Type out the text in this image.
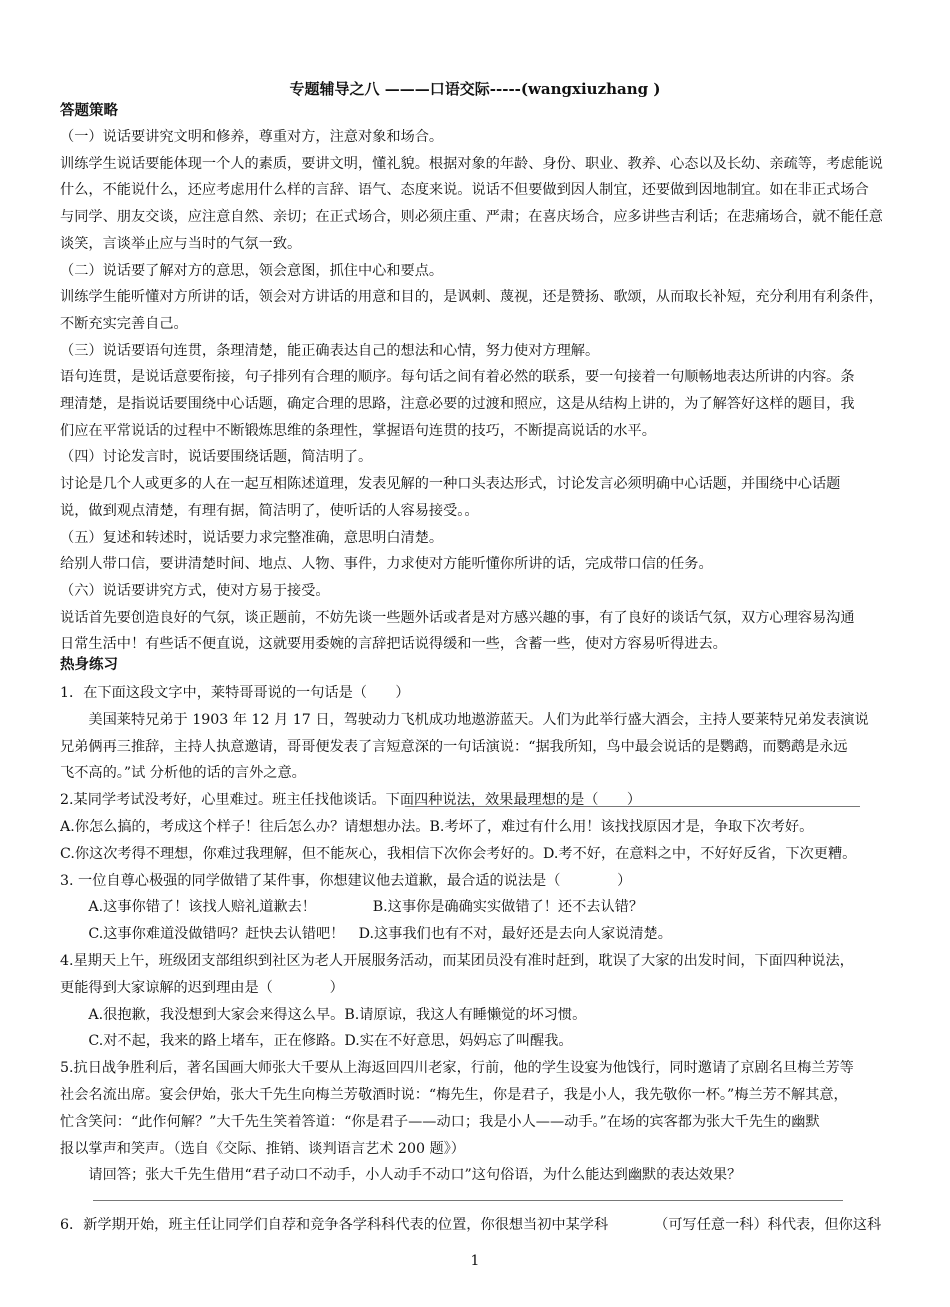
专题辅导之八 ———口语交际-----(wangxiuzhang )
答题策略
（一）说话要讲究文明和修养，尊重对方，注意对象和场合。
训练学生说话要能体现一个人的素质，要讲文明，懂礼貌。根据对象的年龄、身份、职业、教养、心态以及长幼、亲疏等，考虑能说
什么，不能说什么，还应考虑用什么样的言辞、语气、态度来说。说话不但要做到因人制宜，还要做到因地制宜。如在非正式场合
与同学、朋友交谈，应注意自然、亲切；在正式场合，则必须庄重、严肃；在喜庆场合，应多讲些吉利话；在悲痛场合，就不能任意
谈笑，言谈举止应与当时的气氛一致。
（二）说话要了解对方的意思，领会意图，抓住中心和要点。
训练学生能听懂对方所讲的话，领会对方讲话的用意和目的，是讽刺、蔑视，还是赞扬、歌颂，从而取长补短，充分利用有利条件，
不断充实完善自己。
（三）说话要语句连贯，条理清楚，能正确表达自己的想法和心情，努力使对方理解。
语句连贯，是说话意要衔接，句子排列有合理的顺序。每句话之间有着必然的联系，要一句接着一句顺畅地表达所讲的内容。条
理清楚，是指说话要围绕中心话题，确定合理的思路，注意必要的过渡和照应，这是从结构上讲的，为了解答好这样的题目，我
们应在平常说话的过程中不断锻炼思维的条理性，掌握语句连贯的技巧，不断提高说话的水平。
（四）讨论发言时，说话要围绕话题，简洁明了。
讨论是几个人或更多的人在一起互相陈述道理，发表见解的一种口头表达形式，讨论发言必须明确中心话题，并围绕中心话题
说，做到观点清楚，有理有据，简洁明了，使听话的人容易接受。。
（五）复述和转述时，说话要力求完整准确，意思明白清楚。
给别人带口信，要讲清楚时间、地点、人物、事件，力求使对方能听懂你所讲的话，完成带口信的任务。
（六）说话要讲究方式，使对方易于接受。
说话首先要创造良好的气氛，谈正题前，不妨先谈一些题外话或者是对方感兴趣的事，有了良好的谈话气氛，双方心理容易沟通
日常生活中！有些话不便直说，这就要用委婉的言辞把话说得缓和一些，含蓄一些，使对方容易听得进去。
热身练习
1．在下面这段文字中，莱特哥哥说的一句话是（　　）
　　美国莱特兄弟于 1903 年 12 月 17 日，驾驶动力飞机成功地遨游蓝天。人们为此举行盛大酒会，主持人要莱特兄弟发表演说
兄弟俩再三推辞，主持人执意邀请，哥哥便发表了言短意深的一句话演说：“据我所知，鸟中最会说话的是鹦鹉，而鹦鹉是永远
飞不高的。”试 分析他的话的言外之意。
2.某同学考试没考好，心里难过。班主任找他谈话。下面四种说法，效果最理想的是（　　）
A.你怎么搞的，考成这个样子！往后怎么办？请想想办法。B.考坏了，难过有什么用！该找找原因才是，争取下次考好。
C.你这次考得不理想，你难过我理解，但不能灰心，我相信下次你会考好的。D.考不好，在意料之中，不好好反省，下次更糟。
3. 一位自尊心极强的同学做错了某件事，你想建议他去道歉，最合适的说法是（　　　　）
　　A.这事你错了！该找人赔礼道歉去！　　　　B.这事你是确确实实做错了！还不去认错？
　　C.这事你难道没做错吗？赶快去认错吧！　D.这事我们也有不对，最好还是去向人家说清楚。
4.星期天上午，班级团支部组织到社区为老人开展服务活动，而某团员没有准时赶到，耽误了大家的出发时间，下面四种说法，
更能得到大家谅解的迟到理由是（　　　　）
　　A.很抱歉，我没想到大家会来得这么早。B.请原谅，我这人有睡懒觉的坏习惯。
　　C.对不起，我来的路上堵车，正在修路。D.实在不好意思，妈妈忘了叫醒我。
5.抗日战争胜利后，著名国画大师张大千要从上海返回四川老家，行前，他的学生设宴为他饯行，同时邀请了京剧名旦梅兰芳等
社会名流出席。宴会伊始，张大千先生向梅兰芳敬酒时说：“梅先生，你是君子，我是小人，我先敬你一杯。”梅兰芳不解其意，
忙含笑问：“此作何解？”大千先生笑着答道：“你是君子——动口；我是小人——动手。”在场的宾客都为张大千先生的幽默
报以掌声和笑声。（选自《交际、推销、谈判语言艺术 200 题》）
　　请回答；张大千先生借用“君子动口不动手，小人动手不动口”这句俗语，为什么能达到幽默的表达效果？
6．新学期开始，班主任让同学们自荐和竞争各学科科代表的位置，你很想当初中某学科	（可写任意一科）科代表，但你这科
1
